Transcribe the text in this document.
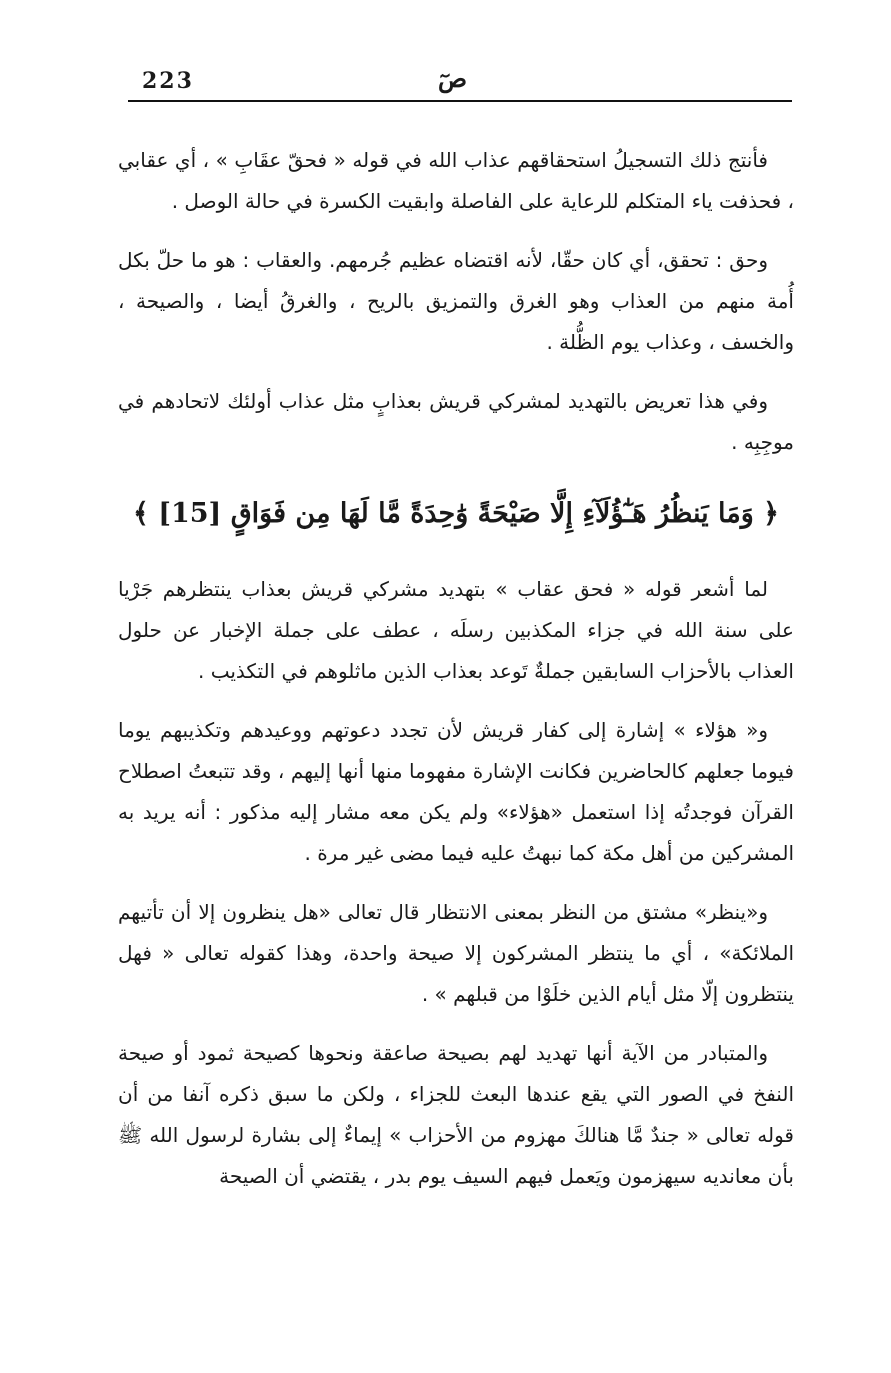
223	صٓ

فأنتج ذلك التسجيلُ استحقاقهم عذاب الله في قوله « فحقّ عقَابِ » ، أي عقابي ، فحذفت ياء المتكلم للرعاية على الفاصلة وابقيت الكسرة في حالة الوصل .

وحق : تحقق، أي كان حقّا، لأنه اقتضاه عظيم جُرمهم. والعقاب : هو ما حلّ بكل أُمة منهم من العذاب وهو الغرق والتمزيق بالريح ، والغرقُ أيضا ، والصيحة ، والخسف ، وعذاب يوم الظُّلة .

وفي هذا تعريض بالتهديد لمشركي قريش بعذابٍ مثل عذاب أولئك لاتحادهم في موجِبِه .

﴿ وَمَا يَنظُرُ هَـٰٓؤُلَآءِ إِلَّا صَيْحَةً وَٰحِدَةً مَّا لَهَا مِن فَوَاقٍ [15] ﴾

لما أشعر قوله « فحق عقاب » بتهديد مشركي قريش بعذاب ينتظرهم جَرْيا على سنة الله في جزاء المكذبين رسلَه ، عطف على جملة الإخبار عن حلول العذاب بالأحزاب السابقين جملةٌ تَوعد بعذاب الذين ماثلوهم في التكذيب .

و« هؤلاء » إشارة إلى كفار قريش لأن تجدد دعوتهم ووعيدهم وتكذيبهم يوما فيوما جعلهم كالحاضرين فكانت الإشارة مفهوما منها أنها إليهم ، وقد تتبعتُ اصطلاح القرآن فوجدتُه إذا استعمل «هؤلاء» ولم يكن معه مشار إليه مذكور : أنه يريد به المشركين من أهل مكة كما نبهتُ عليه فيما مضى غير مرة .

و«ينظر» مشتق من النظر بمعنى الانتظار قال تعالى «هل ينظرون إلا أن تأتيهم الملائكة» ، أي ما ينتظر المشركون إلا صيحة واحدة، وهذا كقوله تعالى « فهل ينتظرون إلّا مثل أيام الذين خلَوْا من قبلهم » .

والمتبادر من الآية أنها تهديد لهم بصيحة صاعقة ونحوها كصيحة ثمود أو صيحة النفخ في الصور التي يقع عندها البعث للجزاء ، ولكن ما سبق ذكره آنفا من أن قوله تعالى « جندٌ مَّا هنالكَ مهزوم من الأحزاب » إيماءٌ إلى بشارة لرسول الله ﷺ بأن معانديه سيهزمون ويَعمل فيهم السيف يوم بدر ، يقتضي أن الصيحة
